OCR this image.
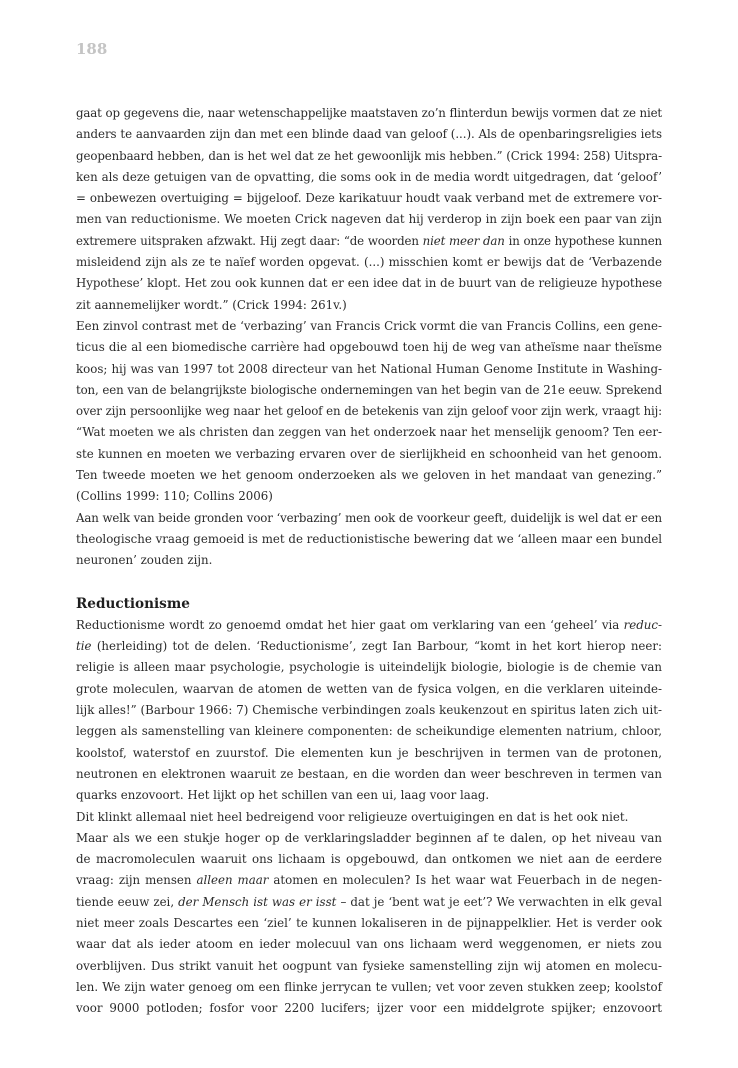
188
gaat op gegevens die, naar wetenschappelijke maatstaven zo’n flinterdun bewijs vormen dat ze niet
anders te aanvaarden zijn dan met een blinde daad van geloof (...). Als de openbaringsreligies iets
geopenbaard hebben, dan is het wel dat ze het gewoonlijk mis hebben.” (Crick 1994: 258) Uitspra-
ken als deze getuigen van de opvatting, die soms ook in de media wordt uitgedragen, dat ‘geloof’
= onbewezen overtuiging = bijgeloof. Deze karikatuur houdt vaak verband met de extremere vor-
men van reductionisme. We moeten Crick nageven dat hij verderop in zijn boek een paar van zijn
extremere uitspraken afzwakt. Hij zegt daar: “de woorden niet meer dan in onze hypothese kunnen
misleidend zijn als ze te naïef worden opgevat. (...) misschien komt er bewijs dat de ‘Verbazende
Hypothese’ klopt. Het zou ook kunnen dat er een idee dat in de buurt van de religieuze hypothese
zit aannemelijker wordt.” (Crick 1994: 261v.)
Een zinvol contrast met de ‘verbazing’ van Francis Crick vormt die van Francis Collins, een gene-
ticus die al een biomedische carrière had opgebouwd toen hij de weg van atheïsme naar theïsme
koos; hij was van 1997 tot 2008 directeur van het National Human Genome Institute in Washing-
ton, een van de belangrijkste biologische ondernemingen van het begin van de 21e eeuw. Sprekend
over zijn persoonlijke weg naar het geloof en de betekenis van zijn geloof voor zijn werk, vraagt hij:
“Wat moeten we als christen dan zeggen van het onderzoek naar het menselijk genoom? Ten eer-
ste kunnen en moeten we verbazing ervaren over de sierlijkheid en schoonheid van het genoom.
Ten tweede moeten we het genoom onderzoeken als we geloven in het mandaat van genezing.”
(Collins 1999: 110; Collins 2006)
Aan welk van beide gronden voor ‘verbazing’ men ook de voorkeur geeft, duidelijk is wel dat er een
theologische vraag gemoeid is met de reductionistische bewering dat we ‘alleen maar een bundel
neuronen’ zouden zijn.
Reductionisme
Reductionisme wordt zo genoemd omdat het hier gaat om verklaring van een ‘geheel’ via reduc-
tie (herleiding) tot de delen. ‘Reductionisme’, zegt Ian Barbour, “komt in het kort hierop neer:
religie is alleen maar psychologie, psychologie is uiteindelijk biologie, biologie is de chemie van
grote moleculen, waarvan de atomen de wetten van de fysica volgen, en die verklaren uiteinde-
lijk alles!” (Barbour 1966: 7) Chemische verbindingen zoals keukenzout en spiritus laten zich uit-
leggen als samenstelling van kleinere componenten: de scheikundige elementen natrium, chloor,
koolstof, waterstof en zuurstof. Die elementen kun je beschrijven in termen van de protonen,
neutronen en elektronen waaruit ze bestaan, en die worden dan weer beschreven in termen van
quarks enzovoort. Het lijkt op het schillen van een ui, laag voor laag.
Dit klinkt allemaal niet heel bedreigend voor religieuze overtuigingen en dat is het ook niet.
Maar als we een stukje hoger op de verklaringsladder beginnen af te dalen, op het niveau van
de macromoleculen waaruit ons lichaam is opgebouwd, dan ontkomen we niet aan de eerdere
vraag: zijn mensen alleen maar atomen en moleculen? Is het waar wat Feuerbach in de negen-
tiende eeuw zei, der Mensch ist was er isst – dat je ‘bent wat je eet’? We verwachten in elk geval
niet meer zoals Descartes een ‘ziel’ te kunnen lokaliseren in de pijnappelklier. Het is verder ook
waar dat als ieder atoom en ieder molecuul van ons lichaam werd weggenomen, er niets zou
overblijven. Dus strikt vanuit het oogpunt van fysieke samenstelling zijn wij atomen en molecu-
len. We zijn water genoeg om een flinke jerrycan te vullen; vet voor zeven stukken zeep; koolstof
voor 9000 potloden; fosfor voor 2200 lucifers; ijzer voor een middelgrote spijker; enzovoort
